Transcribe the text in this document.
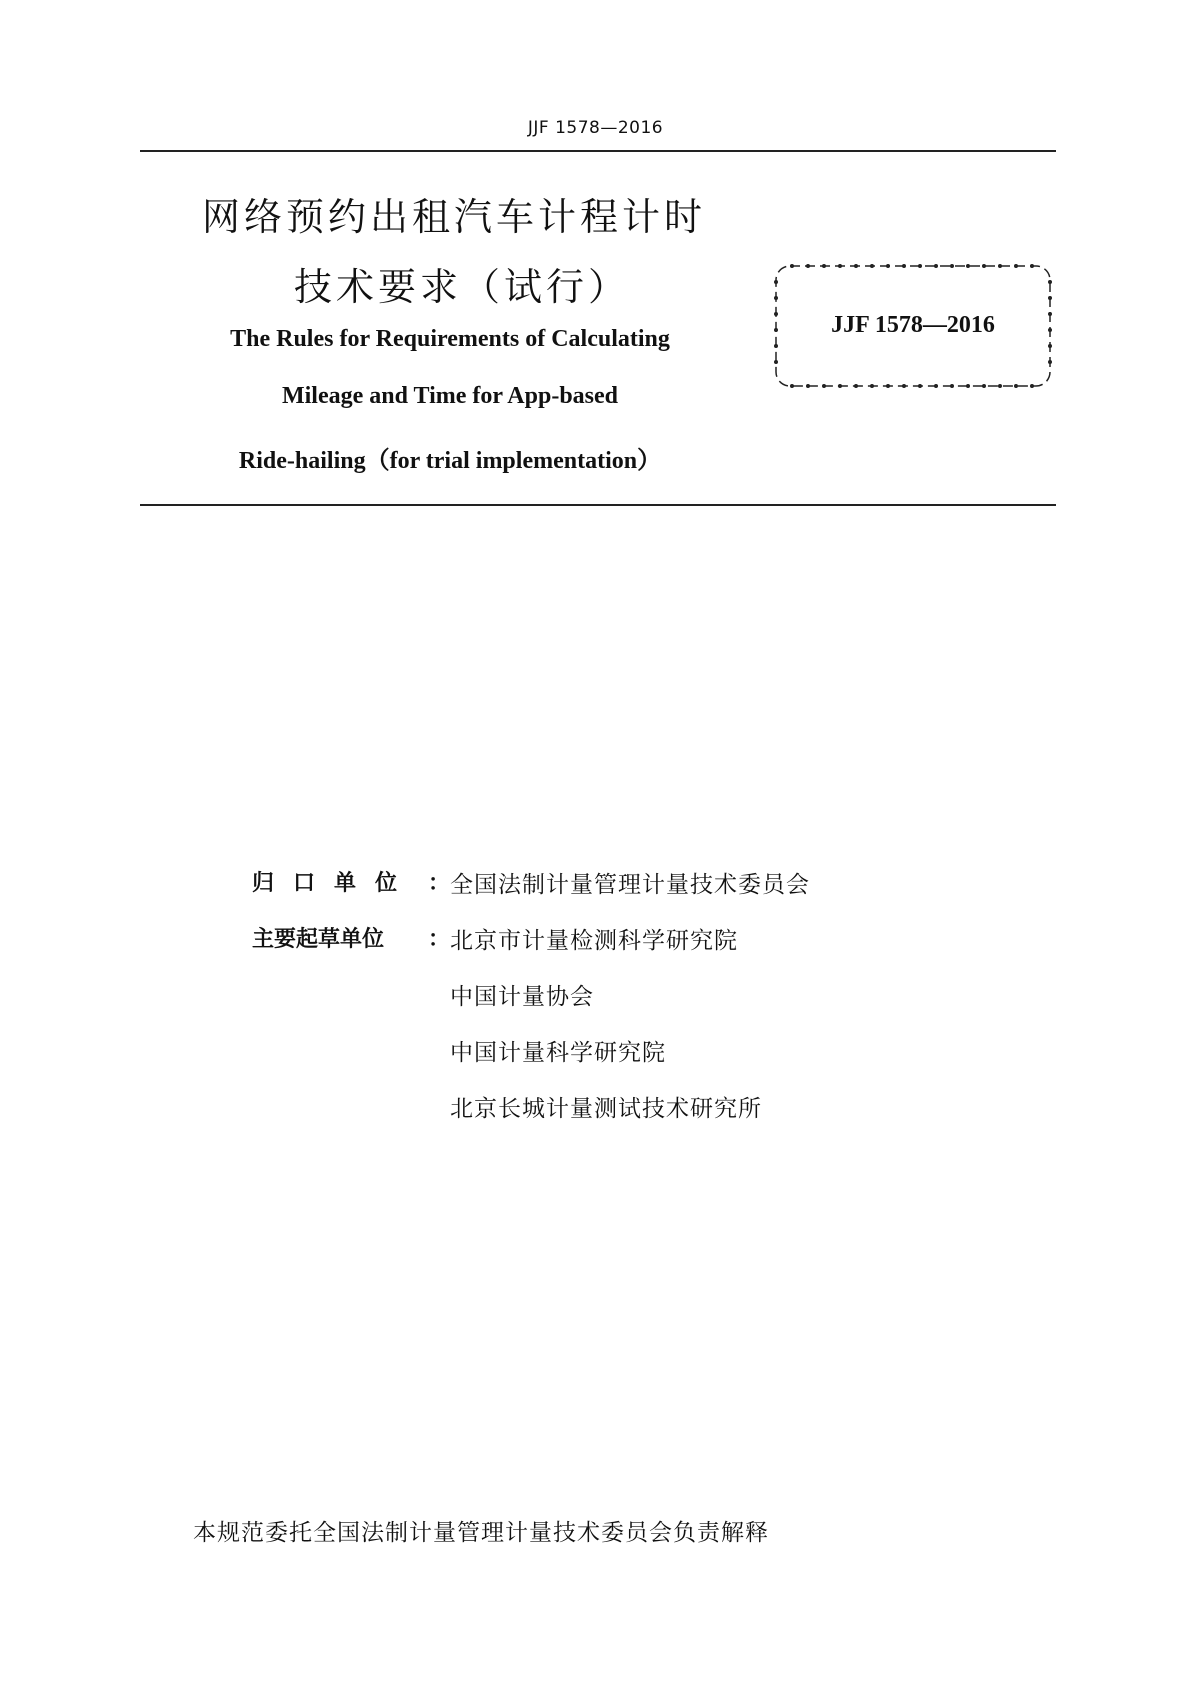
JJF 1578—2016
网络预约出租汽车计程计时
技术要求（试行）
The Rules for Requirements of Calculating
Mileage and Time for App-based
Ride-hailing（for trial implementation）
JJF 1578—2016
归口单位 ： 全国法制计量管理计量技术委员会
主要起草单位 ： 北京市计量检测科学研究院
中国计量协会
中国计量科学研究院
北京长城计量测试技术研究所
本规范委托全国法制计量管理计量技术委员会负责解释
